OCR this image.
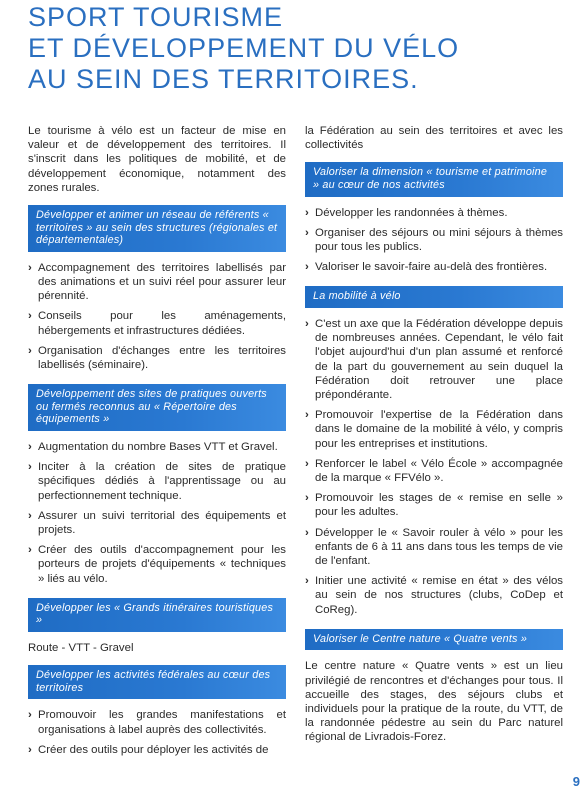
SPORT TOURISME
ET DÉVELOPPEMENT DU VÉLO
AU SEIN DES TERRITOIRES.

Le tourisme à vélo est un facteur de mise en valeur et de développement des territoires. Il s'inscrit dans les politiques de mobilité, et de développement économique, notamment des zones rurales.

Développer et animer un réseau de référents « territoires » au sein des structures (régionales et départementales)
› Accompagnement des territoires labellisés par des animations et un suivi réel pour assurer leur pérennité.
› Conseils pour les aménagements, hébergements et infrastructures dédiées.
› Organisation d'échanges entre les territoires labellisés (séminaire).
Développement des sites de pratiques ouverts ou fermés reconnus au « Répertoire des équipements »
› Augmentation du nombre Bases VTT et Gravel.
› Inciter à la création de sites de pratique spécifiques dédiés à l'apprentissage ou au perfectionnement technique.
› Assurer un suivi territorial des équipements et projets.
› Créer des outils d'accompagnement pour les porteurs de projets d'équipements « techniques » liés au vélo.
Développer les « Grands itinéraires touristiques »

Route - VTT - Gravel

Développer les activités fédérales au cœur des territoires
› Promouvoir les grandes manifestations et organisations à label auprès des collectivités.
› Créer des outils pour déployer les activités de

la Fédération au sein des territoires et avec les collectivités

Valoriser la dimension « tourisme et patrimoine » au cœur de nos activités
› Développer les randonnées à thèmes.
› Organiser des séjours ou mini séjours à thèmes pour tous les publics.
› Valoriser le savoir-faire au-delà des frontières.
La mobilité à vélo
› C'est un axe que la Fédération développe depuis de nombreuses années. Cependant, le vélo fait l'objet aujourd'hui d'un plan assumé et renforcé de la part du gouvernement au sein duquel la Fédération doit retrouver une place prépondérante.
› Promouvoir l'expertise de la Fédération dans dans le domaine de la mobilité à vélo, y compris pour les entreprises et institutions.
› Renforcer le label « Vélo École » accompagnée de la marque « FFVélo ».
› Promouvoir les stages de « remise en selle » pour les adultes.
› Développer le « Savoir rouler à vélo » pour les enfants de 6 à 11 ans dans tous les temps de vie de l'enfant.
› Initier une activité « remise en état » des vélos au sein de nos structures (clubs, CoDep et CoReg).
Valoriser le Centre nature « Quatre vents »

Le centre nature « Quatre vents » est un lieu privilégié de rencontres et d'échanges pour tous. Il accueille des stages, des séjours clubs et individuels pour la pratique de la route, du VTT, de la randonnée pédestre au sein du Parc naturel régional de Livradois-Forez.

9
